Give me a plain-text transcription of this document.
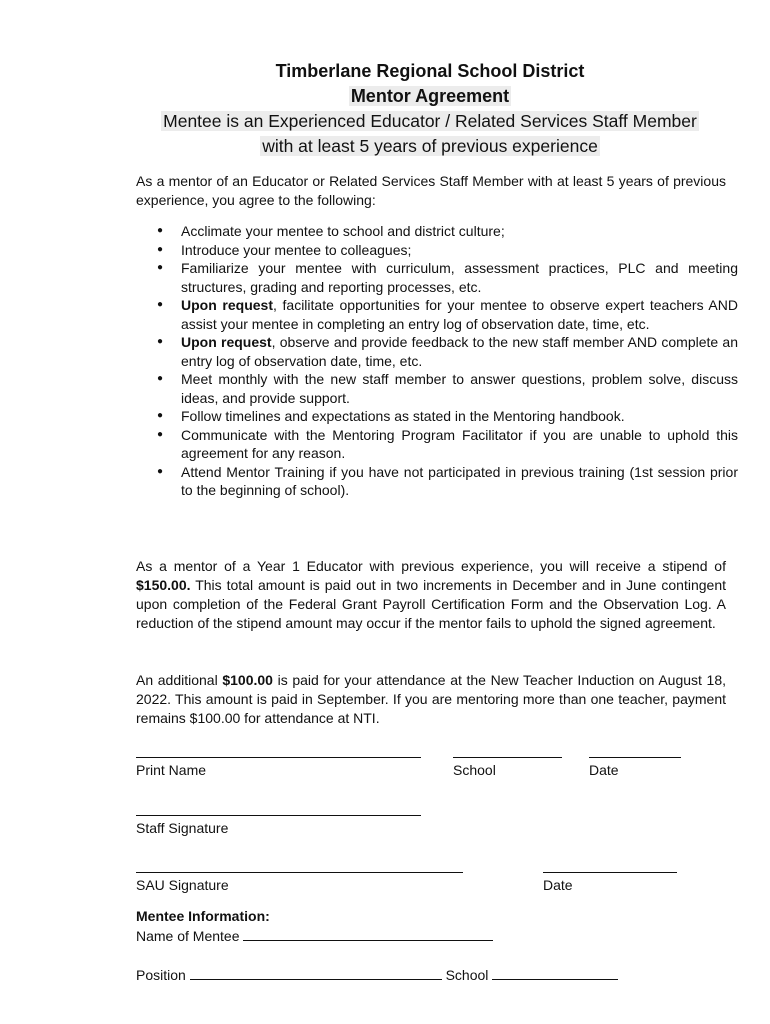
Timberlane Regional School District
Mentor Agreement
Mentee is an Experienced Educator / Related Services Staff Member
with at least 5 years of previous experience
As a mentor of an Educator or Related Services Staff Member with at least 5 years of previous experience, you agree to the following:
● Acclimate your mentee to school and district culture;
● Introduce your mentee to colleagues;
● Familiarize your mentee with curriculum, assessment practices, PLC and meeting structures, grading and reporting processes, etc.
● Upon request, facilitate opportunities for your mentee to observe expert teachers AND assist your mentee in completing an entry log of observation date, time, etc.
● Upon request, observe and provide feedback to the new staff member AND complete an entry log of observation date, time, etc.
● Meet monthly with the new staff member to answer questions, problem solve, discuss ideas, and provide support.
● Follow timelines and expectations as stated in the Mentoring handbook.
● Communicate with the Mentoring Program Facilitator if you are unable to uphold this agreement for any reason.
● Attend Mentor Training if you have not participated in previous training (1st session prior to the beginning of school).
As a mentor of a Year 1 Educator with previous experience, you will receive a stipend of $150.00. This total amount is paid out in two increments in December and in June contingent upon completion of the Federal Grant Payroll Certification Form and the Observation Log. A reduction of the stipend amount may occur if the mentor fails to uphold the signed agreement.
An additional $100.00 is paid for your attendance at the New Teacher Induction on August 18, 2022. This amount is paid in September. If you are mentoring more than one teacher, payment remains $100.00 for attendance at NTI.
Print Name	School	Date
Staff Signature
SAU Signature	Date
Mentee Information:
Name of Mentee
Position	School
